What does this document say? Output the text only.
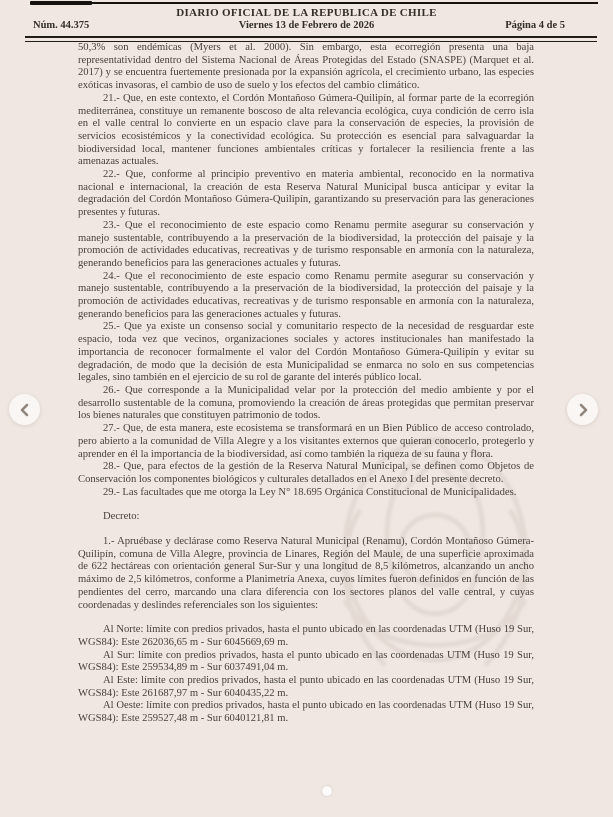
DIARIO OFICIAL DE LA REPUBLICA DE CHILE
Núm. 44.375	Viernes 13 de Febrero de 2026	Página 4 de 5

50,3% son endémicas (Myers et al. 2000). Sin embargo, esta ecorregión presenta una baja representatividad dentro del Sistema Nacional de Áreas Protegidas del Estado (SNASPE) (Marquet et al. 2017) y se encuentra fuertemente presionada por la expansión agrícola, el crecimiento urbano, las especies exóticas invasoras, el cambio de uso de suelo y los efectos del cambio climático.

21.- Que, en este contexto, el Cordón Montañoso Gúmera-Quilipín, al formar parte de la ecorregión mediterránea, constituye un remanente boscoso de alta relevancia ecológica, cuya condición de cerro isla en el valle central lo convierte en un espacio clave para la conservación de especies, la provisión de servicios ecosistémicos y la conectividad ecológica. Su protección es esencial para salvaguardar la biodiversidad local, mantener funciones ambientales críticas y fortalecer la resiliencia frente a las amenazas actuales.

22.- Que, conforme al principio preventivo en materia ambiental, reconocido en la normativa nacional e internacional, la creación de esta Reserva Natural Municipal busca anticipar y evitar la degradación del Cordón Montañoso Gúmera-Quilipín, garantizando su preservación para las generaciones presentes y futuras.

23.- Que el reconocimiento de este espacio como Renamu permite asegurar su conservación y manejo sustentable, contribuyendo a la preservación de la biodiversidad, la protección del paisaje y la promoción de actividades educativas, recreativas y de turismo responsable en armonía con la naturaleza, generando beneficios para las generaciones actuales y futuras.

24.- Que el reconocimiento de este espacio como Renamu permite asegurar su conservación y manejo sustentable, contribuyendo a la preservación de la biodiversidad, la protección del paisaje y la promoción de actividades educativas, recreativas y de turismo responsable en armonía con la naturaleza, generando beneficios para las generaciones actuales y futuras.

25.- Que ya existe un consenso social y comunitario respecto de la necesidad de resguardar este espacio, toda vez que vecinos, organizaciones sociales y actores institucionales han manifestado la importancia de reconocer formalmente el valor del Cordón Montañoso Gúmera-Quilipín y evitar su degradación, de modo que la decisión de esta Municipalidad se enmarca no solo en sus competencias legales, sino también en el ejercicio de su rol de garante del interés público local.

26.- Que corresponde a la Municipalidad velar por la protección del medio ambiente y por el desarrollo sustentable de la comuna, promoviendo la creación de áreas protegidas que permitan preservar los bienes naturales que constituyen patrimonio de todos.

27.- Que, de esta manera, este ecosistema se transformará en un Bien Público de acceso controlado, pero abierto a la comunidad de Villa Alegre y a los visitantes externos que quieran conocerlo, protegerlo y aprender en él la importancia de la biodiversidad, así como también la riqueza de su fauna y flora.

28.- Que, para efectos de la gestión de la Reserva Natural Municipal, se definen como Objetos de Conservación los componentes biológicos y culturales detallados en el Anexo I del presente decreto.

29.- Las facultades que me otorga la Ley N° 18.695 Orgánica Constitucional de Municipalidades.

Decreto:

1.- Apruébase y declárase como Reserva Natural Municipal (Renamu), Cordón Montañoso Gúmera-Quilipín, comuna de Villa Alegre, provincia de Linares, Región del Maule, de una superficie aproximada de 622 hectáreas con orientación general Sur-Sur y una longitud de 8,5 kilómetros, alcanzando un ancho máximo de 2,5 kilómetros, conforme a Planimetría Anexa, cuyos límites fueron definidos en función de las pendientes del cerro, marcando una clara diferencia con los sectores planos del valle central, y cuyas coordenadas y deslindes referenciales son los siguientes:

Al Norte: límite con predios privados, hasta el punto ubicado en las coordenadas UTM (Huso 19 Sur, WGS84): Este 262036,65 m - Sur 6045669,69 m.

Al Sur: límite con predios privados, hasta el punto ubicado en las coordenadas UTM (Huso 19 Sur, WGS84): Este 259534,89 m - Sur 6037491,04 m.

Al Este: límite con predios privados, hasta el punto ubicado en las coordenadas UTM (Huso 19 Sur, WGS84): Este 261687,97 m - Sur 6040435,22 m.

Al Oeste: límite con predios privados, hasta el punto ubicado en las coordenadas UTM (Huso 19 Sur, WGS84): Este 259527,48 m - Sur 6040121,81 m.
